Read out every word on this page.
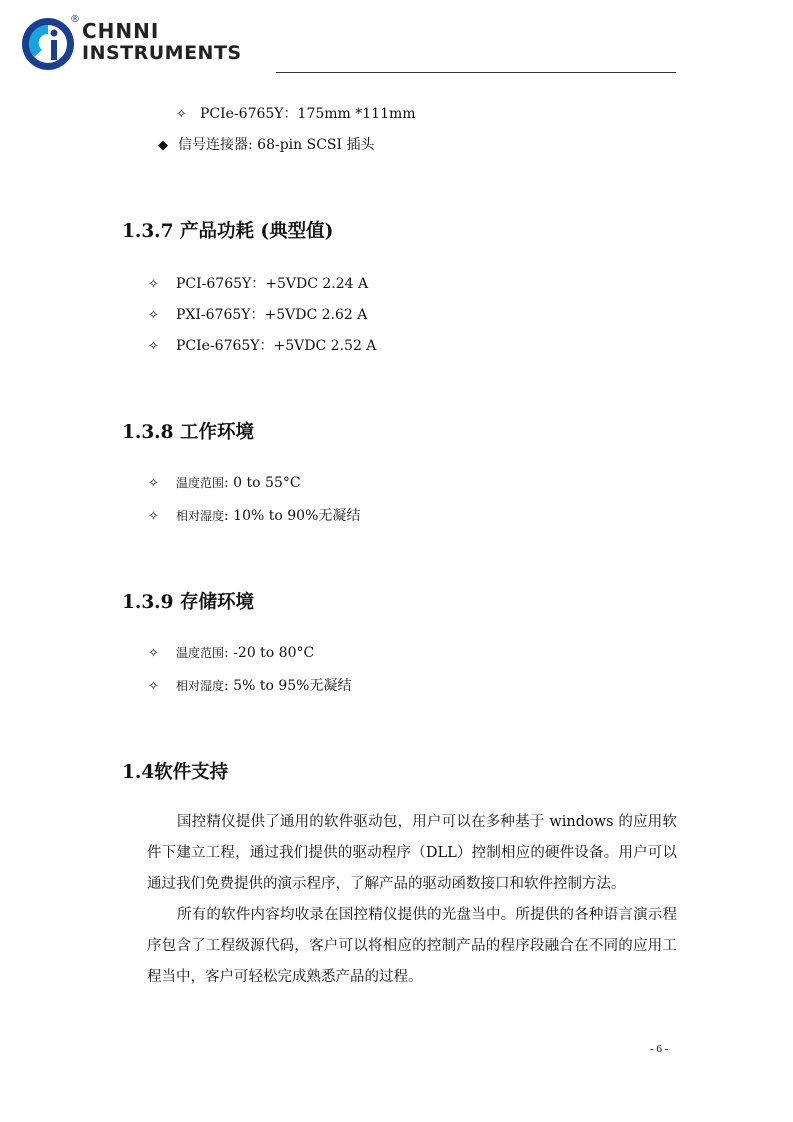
® CHNNI
INSTRUMENTS
✧ PCIe-6765Y：175mm *111mm
◆ 信号连接器: 68-pin SCSI 插头
1.3.7 产品功耗 (典型值)
✧ PCI-6765Y：+5VDC 2.24 A
✧ PXI-6765Y：+5VDC 2.62 A
✧ PCIe-6765Y：+5VDC 2.52 A
1.3.8 工作环境
✧ 温度范围: 0 to 55°C
✧ 相对湿度: 10% to 90%无凝结
1.3.9 存储环境
✧ 温度范围: -20 to 80°C
✧ 相对湿度: 5% to 95%无凝结
1.4软件支持

国控精仪提供了通用的软件驱动包，用户可以在多种基于 windows 的应用软件下建立工程，通过我们提供的驱动程序（DLL）控制相应的硬件设备。用户可以通过我们免费提供的演示程序，了解产品的驱动函数接口和软件控制方法。

所有的软件内容均收录在国控精仪提供的光盘当中。所提供的各种语言演示程序包含了工程级源代码，客户可以将相应的控制产品的程序段融合在不同的应用工程当中，客户可轻松完成熟悉产品的过程。

- 6 -
